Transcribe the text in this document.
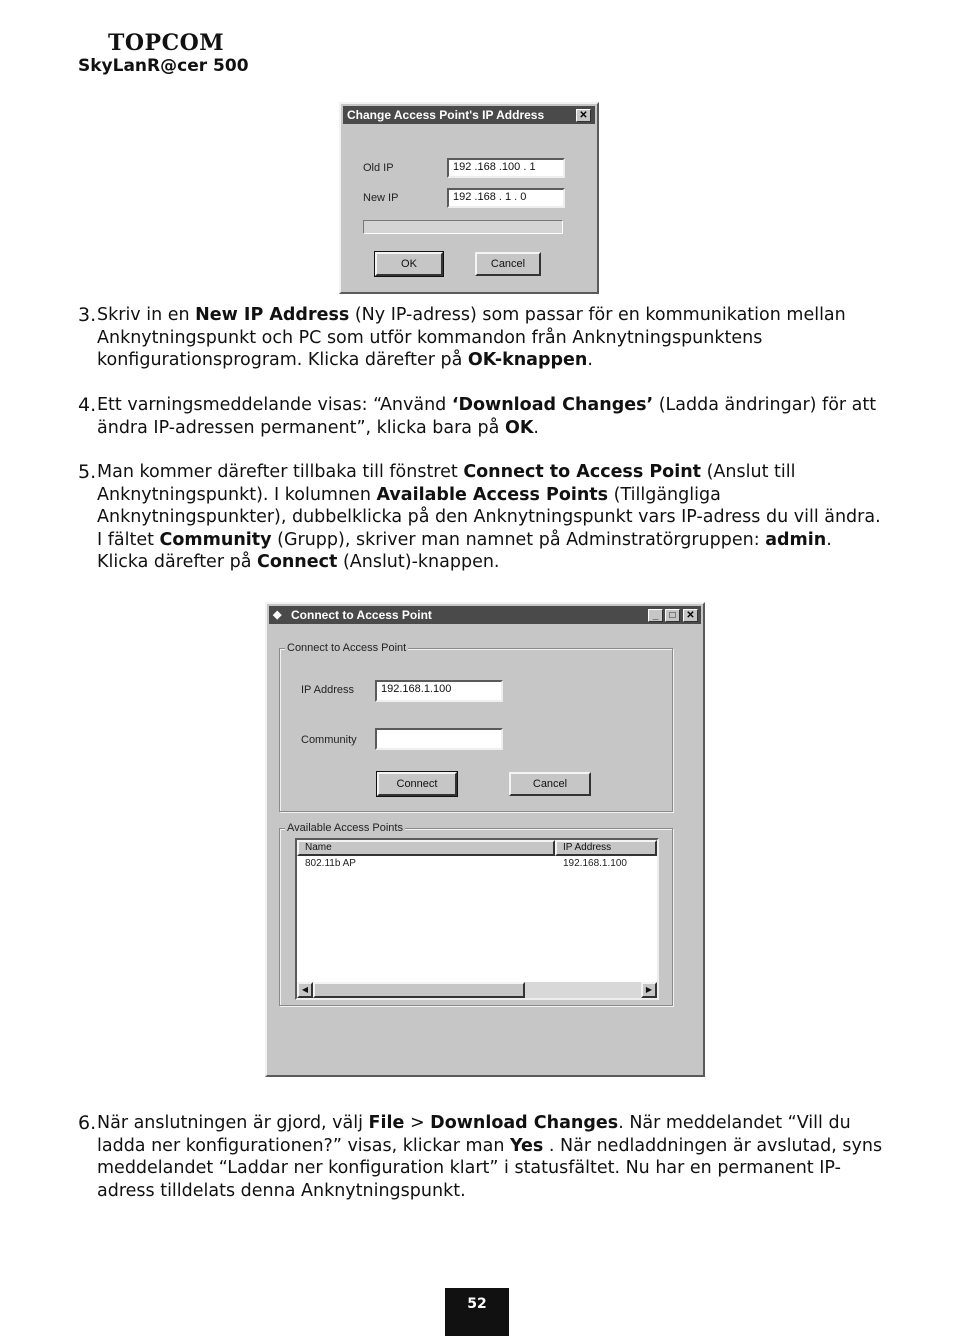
TOPCOM
SkyLanR@cer 500
Change Access Point's IP Address	✕
Old IP	192 .168 .100 . 1
New IP	192 .168 . 1 . 0
OK	Cancel
3. Skriv in en New IP Address (Ny IP-adress) som passar för en kommunikation mellan Anknytningspunkt och PC som utför kommandon från Anknytningspunktens konfigurationsprogram. Klicka därefter på OK-knappen.
4. Ett varningsmeddelande visas: “Använd ‘Download Changes’ (Ladda ändringar) för att ändra IP-adressen permanent”, klicka bara på OK.
5. Man kommer därefter tillbaka till fönstret Connect to Access Point (Anslut till Anknytningspunkt). I kolumnen Available Access Points (Tillgängliga Anknytningspunkter), dubbelklicka på den Anknytningspunkt vars IP-adress du vill ändra. I fältet Community (Grupp), skriver man namnet på Adminstratörgruppen: admin. Klicka därefter på Connect (Anslut)-knappen.
◆ Connect to Access Point	_	□	✕
Connect to Access Point
IP Address	192.168.1.100
Community
Connect	Cancel
Available Access Points
Name	IP Address
802.11b AP	192.168.1.100
◀	▶
6. När anslutningen är gjord, välj File > Download Changes. När meddelandet “Vill du ladda ner konfigurationen?” visas, klickar man Yes . När nedladdningen är avslutad, syns meddelandet “Laddar ner konfiguration klart” i statusfältet. Nu har en permanent IP-adress tilldelats denna Anknytningspunkt.
52
